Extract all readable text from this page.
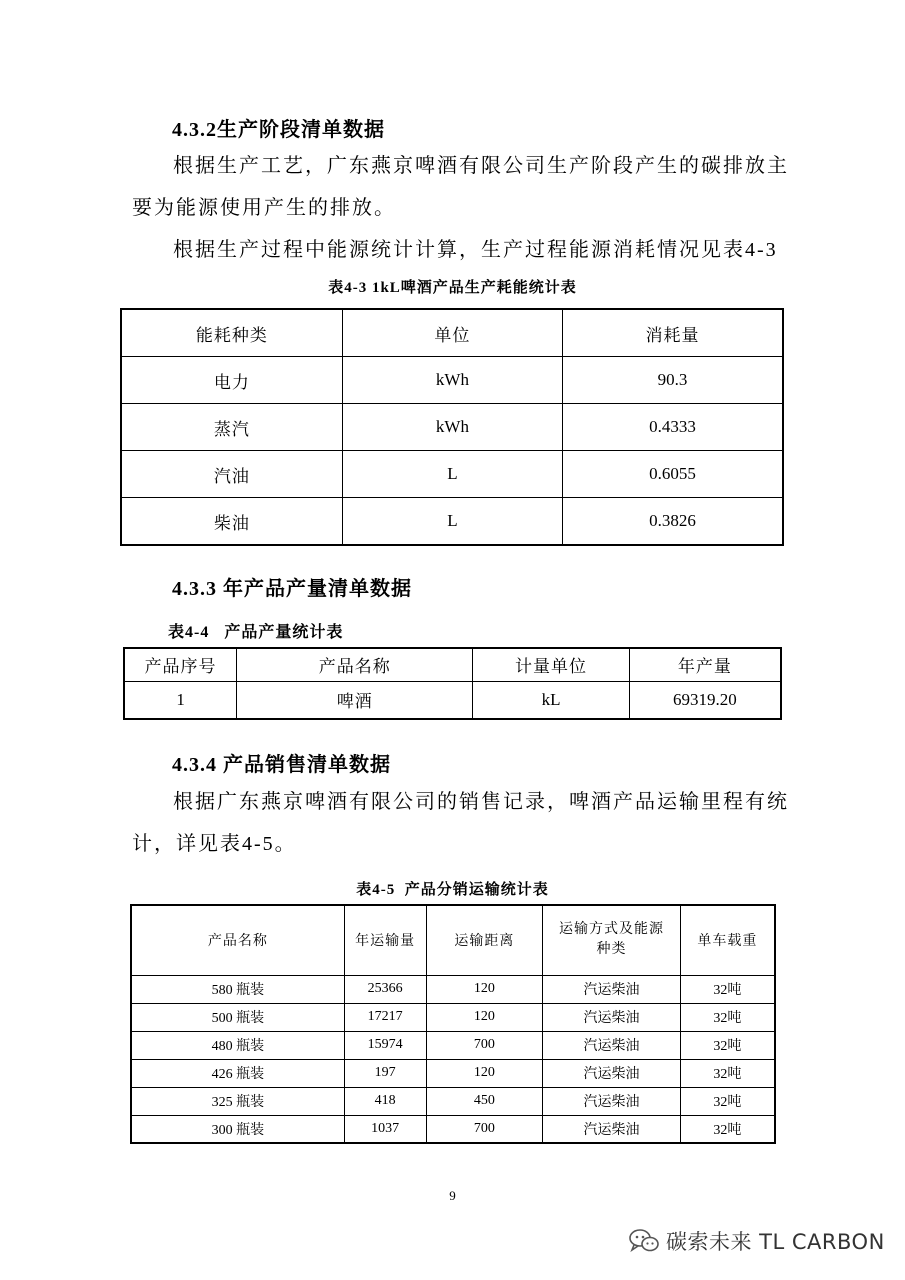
4.3.2生产阶段清单数据
根据生产工艺，广东燕京啤酒有限公司生产阶段产生的碳排放主
要为能源使用产生的排放。
根据生产过程中能源统计计算，生产过程能源消耗情况见表4-3
表4-3 1kL啤酒产品生产耗能统计表
能耗种类	单位	消耗量
电力	kWh	90.3
蒸汽	kWh	0.4333
汽油	L	0.6055
柴油	L	0.3826
4.3.3 年产品产量清单数据
表4-4   产品产量统计表
产品序号	产品名称	计量单位	年产量
1	啤酒	kL	69319.20
4.3.4 产品销售清单数据
根据广东燕京啤酒有限公司的销售记录，啤酒产品运输里程有统
计，详见表4-5。
表4-5  产品分销运输统计表
产品名称	年运输量	运输距离	运输方式及能源种类	单车载重
580 瓶装	25366	120	汽运柴油	32吨
500 瓶装	17217	120	汽运柴油	32吨
480 瓶装	15974	700	汽运柴油	32吨
426 瓶装	197	120	汽运柴油	32吨
325 瓶装	418	450	汽运柴油	32吨
300 瓶装	1037	700	汽运柴油	32吨
9
碳索未来 TL CARBON
